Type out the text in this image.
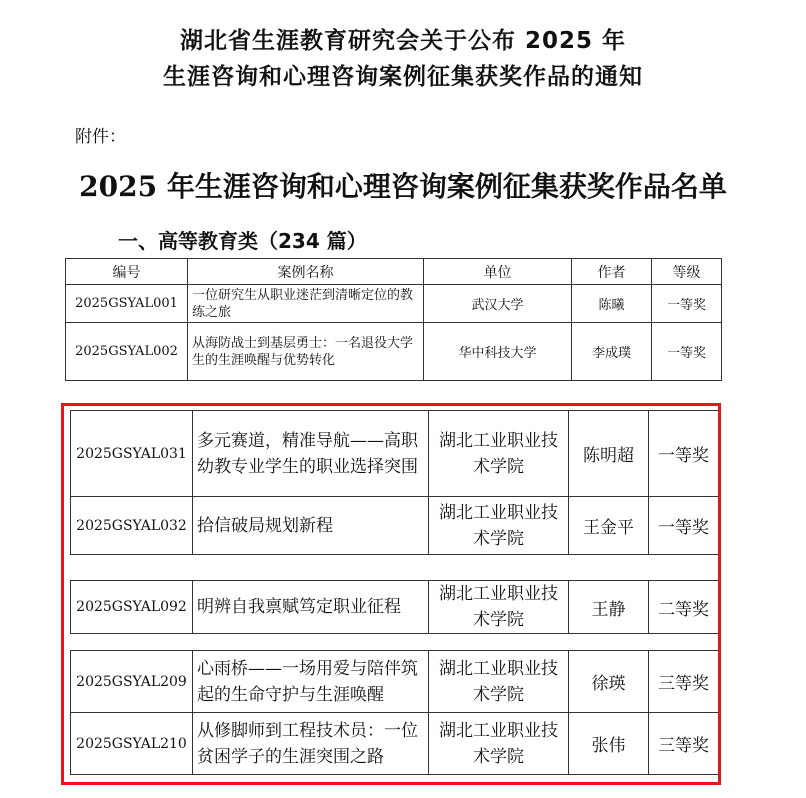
湖北省生涯教育研究会关于公布 2025 年
生涯咨询和心理咨询案例征集获奖作品的通知
附件：
2025 年生涯咨询和心理咨询案例征集获奖作品名单
一、高等教育类（234 篇）
编号	案例名称	单位	作者	等级
2025GSYAL001	一位研究生从职业迷茫到清晰定位的教练之旅	武汉大学	陈曦	一等奖
2025GSYAL002	从海防战士到基层勇士：一名退役大学生的生涯唤醒与优势转化	华中科技大学	李成璞	一等奖
2025GSYAL031	多元赛道，精准导航——高职幼教专业学生的职业选择突围	湖北工业职业技术学院	陈明超	一等奖
2025GSYAL032	拾信破局规划新程	湖北工业职业技术学院	王金平	一等奖
2025GSYAL092	明辨自我禀赋笃定职业征程	湖北工业职业技术学院	王静	二等奖
2025GSYAL209	心雨桥——一场用爱与陪伴筑起的生命守护与生涯唤醒	湖北工业职业技术学院	徐瑛	三等奖
2025GSYAL210	从修脚师到工程技术员：一位贫困学子的生涯突围之路	湖北工业职业技术学院	张伟	三等奖
